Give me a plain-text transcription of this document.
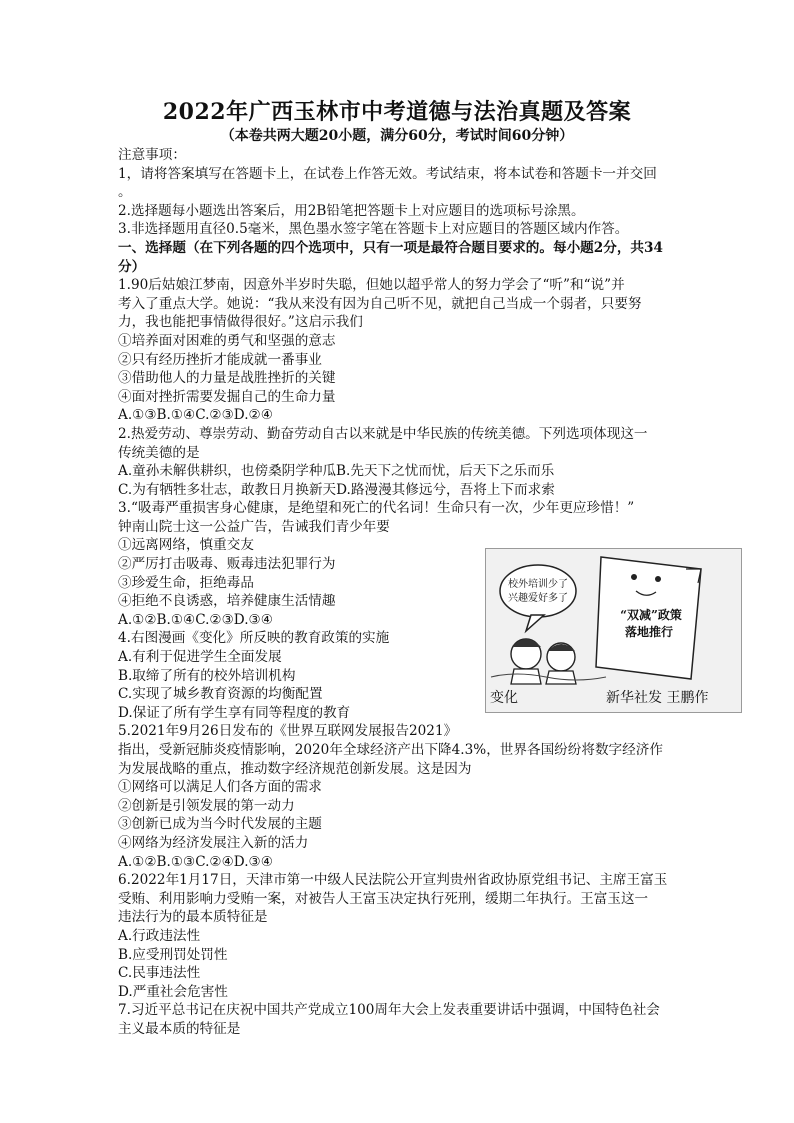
2022年广西玉林市中考道德与法治真题及答案
（本卷共两大题20小题，满分60分，考试时间60分钟）
注意事项：
1，请将答案填写在答题卡上，在试卷上作答无效。考试结束，将本试卷和答题卡一并交回
。
2.选择题每小题选出答案后，用2B铅笔把答题卡上对应题目的选项标号涂黑。
3.非选择题用直径0.5毫米，黑色墨水签字笔在答题卡上对应题目的答题区域内作答。
一、选择题（在下列各题的四个选项中，只有一项是最符合题目要求的。每小题2分，共34
分）
1.90后姑娘江梦南，因意外半岁时失聪，但她以超乎常人的努力学会了“听”和“说”并
考入了重点大学。她说：“我从来没有因为自己听不见，就把自己当成一个弱者，只要努
力，我也能把事情做得很好。”这启示我们
①培养面对困难的勇气和坚强的意志
②只有经历挫折才能成就一番事业
③借助他人的力量是战胜挫折的关键
④面对挫折需要发掘自己的生命力量
A.①③B.①④C.②③D.②④
2.热爱劳动、尊崇劳动、勤奋劳动自古以来就是中华民族的传统美德。下列选项体现这一
传统美德的是
A.童孙未解供耕织，也傍桑阴学种瓜B.先天下之忧而忧，后天下之乐而乐
C.为有牺牲多壮志，敢教日月换新天D.路漫漫其修远兮，吾将上下而求索
3.“吸毒严重损害身心健康，是绝望和死亡的代名词！生命只有一次，少年更应珍惜！”
钟南山院士这一公益广告，告诫我们青少年要
①远离网络，慎重交友
②严厉打击吸毒、贩毒违法犯罪行为
③珍爱生命，拒绝毒品
④拒绝不良诱惑，培养健康生活情趣
A.①②B.①④C.②③D.③④
4.右图漫画《变化》所反映的教育政策的实施
A.有利于促进学生全面发展
B.取缔了所有的校外培训机构
C.实现了城乡教育资源的均衡配置
D.保证了所有学生享有同等程度的教育
5.2021年9月26日发布的《世界互联网发展报告2021》
指出，受新冠肺炎疫情影响，2020年全球经济产出下降4.3%，世界各国纷纷将数字经济作
为发展战略的重点，推动数字经济规范创新发展。这是因为
①网络可以满足人们各方面的需求
②创新是引领发展的第一动力
③创新已成为当今时代发展的主题
④网络为经济发展注入新的活力
A.①②B.①③C.②④D.③④
6.2022年1月17日，天津市第一中级人民法院公开宣判贵州省政协原党组书记、主席王富玉
受贿、利用影响力受贿一案，对被告人王富玉决定执行死刑，缓期二年执行。王富玉这一
违法行为的最本质特征是
A.行政违法性
B.应受刑罚处罚性
C.民事违法性
D.严重社会危害性
7.习近平总书记在庆祝中国共产党成立100周年大会上发表重要讲话中强调，中国特色社会
主义最本质的特征是
校外培训少了
兴趣爱好多了
“双减”政策
落地推行
变化	新华社发 王鹏作
